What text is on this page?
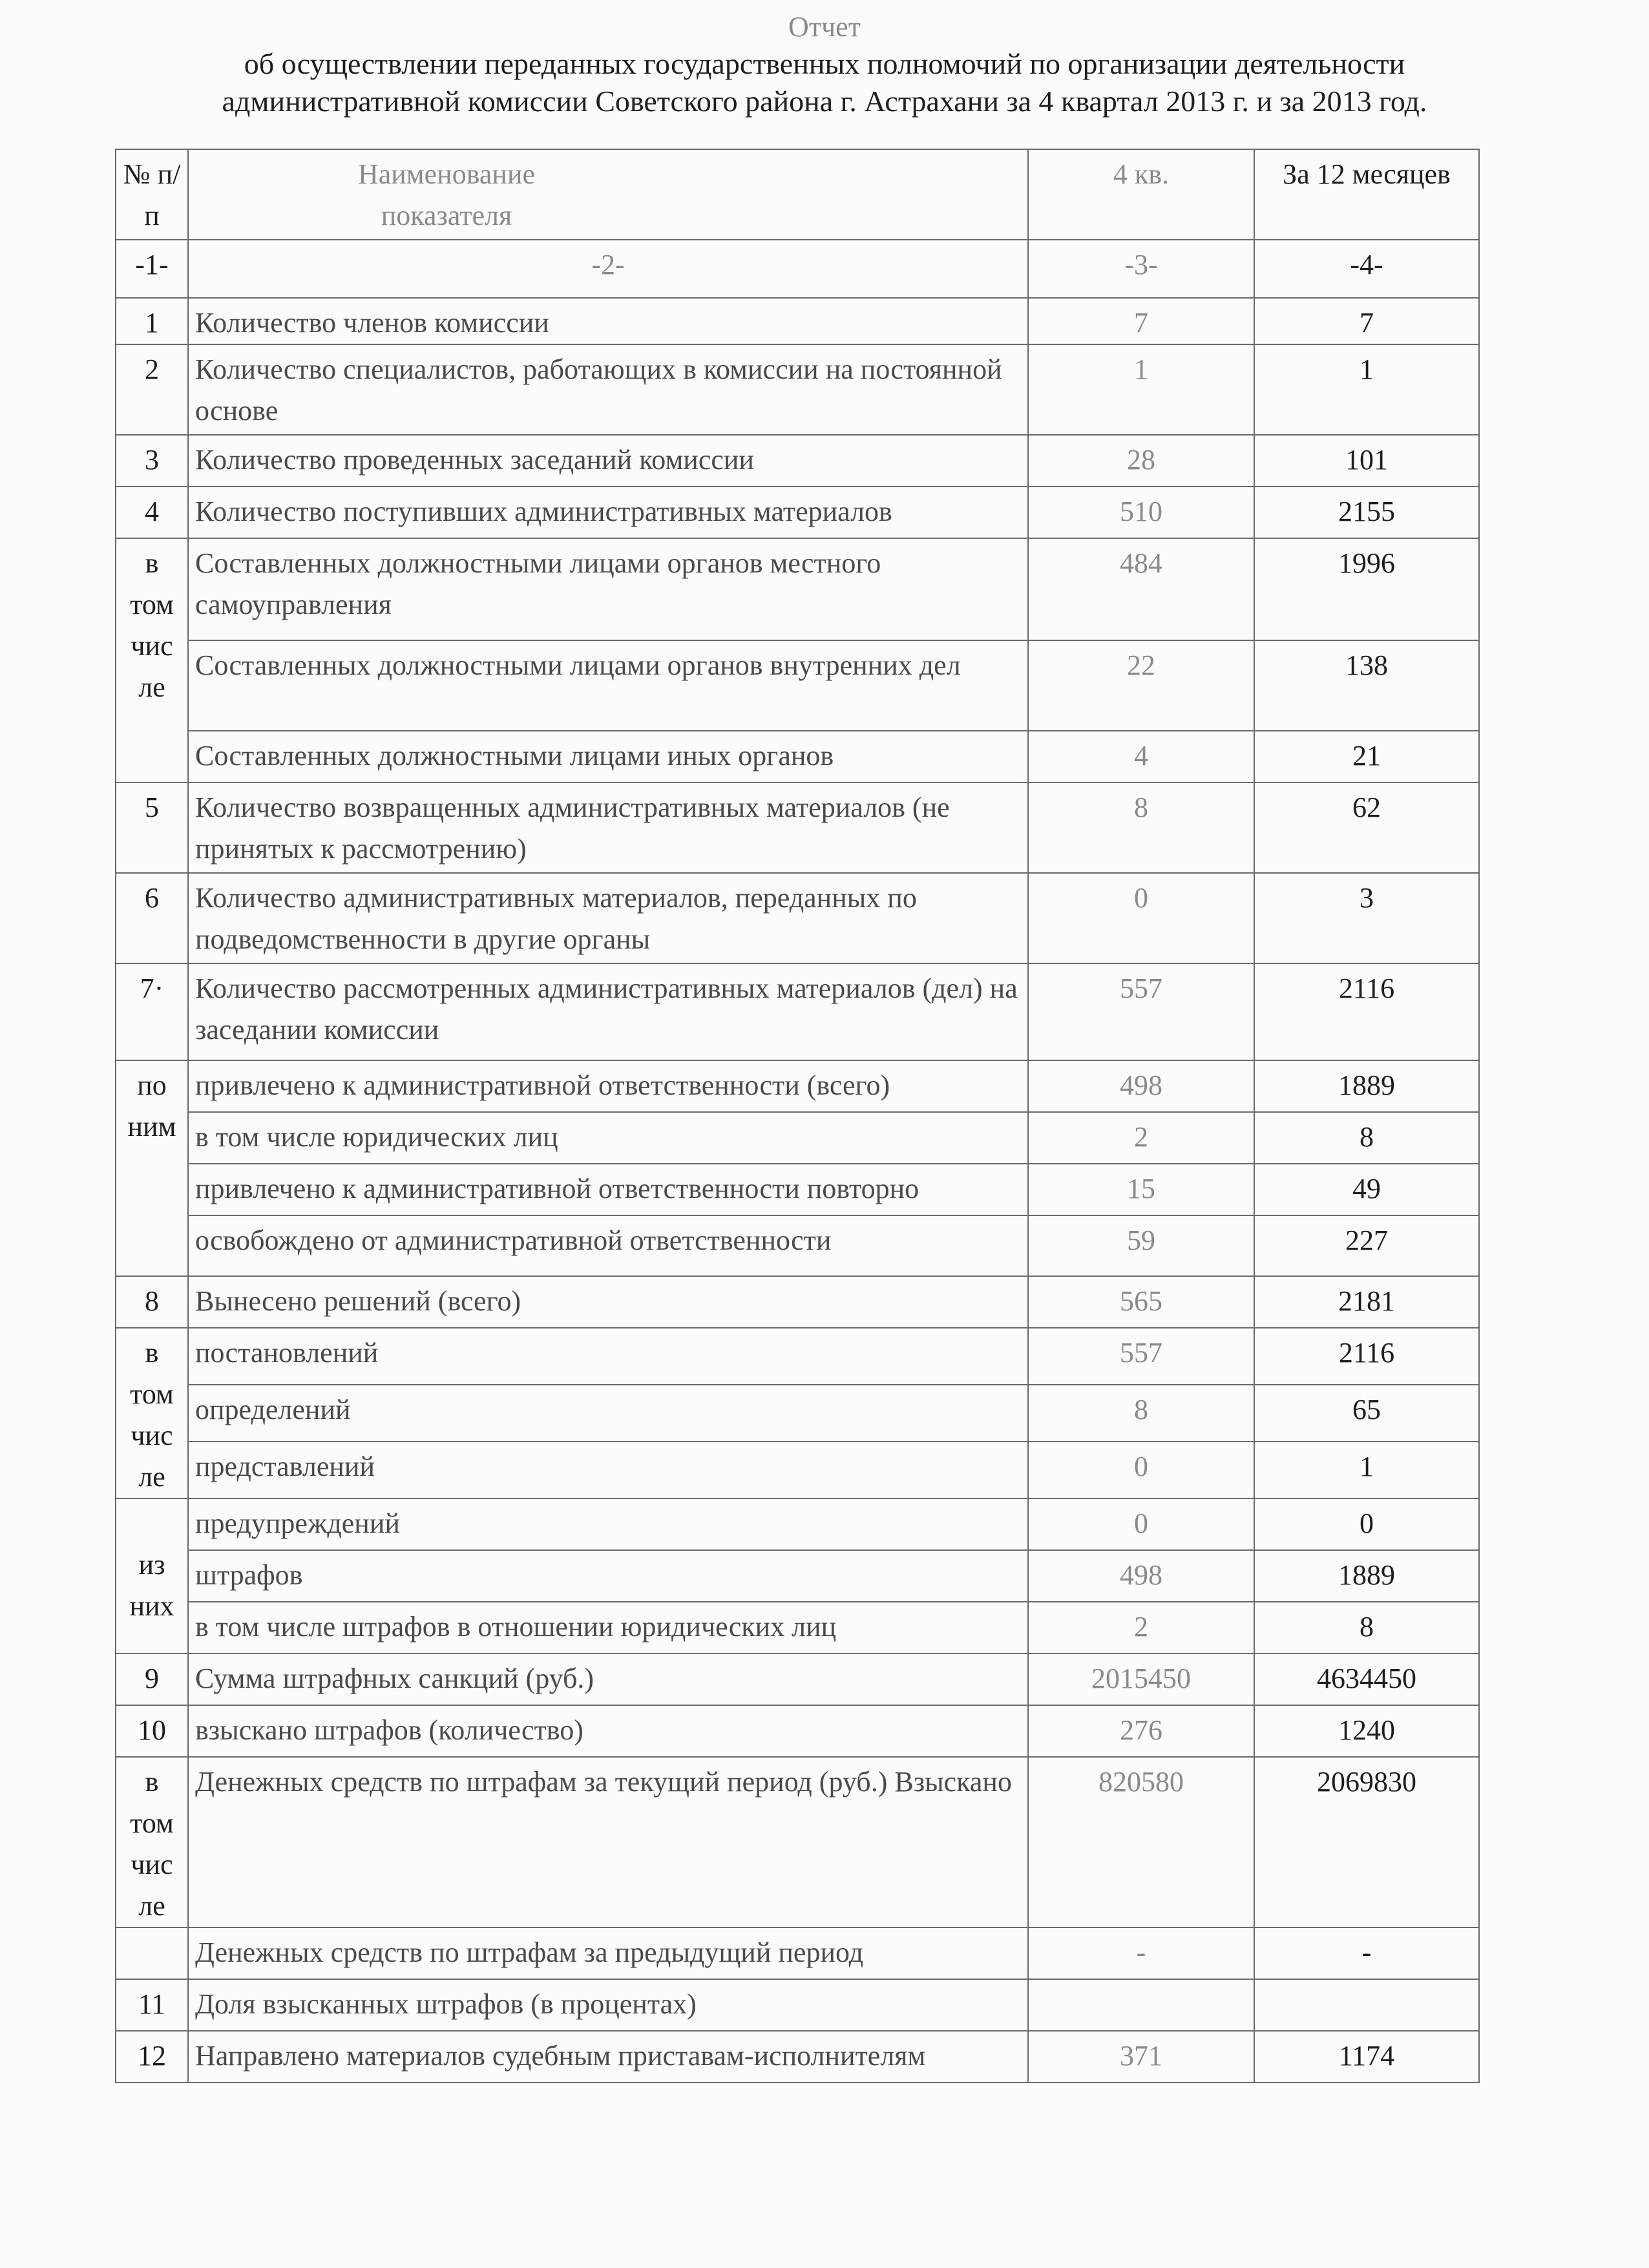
Отчет
об осуществлении переданных государственных полномочий по организации деятельности
административной комиссии Советского района г. Астрахани за 4 квартал 2013 г. и за 2013 год.
№ п/п	Наименование показателя	4 кв.	За 12 месяцев
-1-	-2-	-3-	-4-
1	Количество членов комиссии	7	7
2	Количество специалистов, работающих в комиссии на постоянной основе	1	1
3	Количество проведенных заседаний комиссии	28	101
4	Количество поступивших административных материалов	510	2155
в том чис ле	Составленных должностными лицами органов местного самоуправления	484	1996
	Составленных должностными лицами органов внутренних дел	22	138
	Составленных должностными лицами иных органов	4	21
5	Количество возвращенных административных материалов (не принятых к рассмотрению)	8	62
6	Количество административных материалов, переданных по подведомственности в другие органы	0	3
7·	Количество рассмотренных административных материалов (дел) на заседании комиссии	557	2116
по ним	привлечено к административной ответственности (всего)	498	1889
	в том числе юридических лиц	2	8
	привлечено к административной ответственности повторно	15	49
	освобождено от административной ответственности	59	227
8	Вынесено решений (всего)	565	2181
в том чис ле	постановлений	557	2116
	определений	8	65
	представлений	0	1
из них	предупреждений	0	0
	штрафов	498	1889
	в том числе штрафов в отношении юридических лиц	2	8
9	Сумма штрафных санкций (руб.)	2015450	4634450
10	взыскано штрафов (количество)	276	1240
в том чис ле	Денежных средств по штрафам за текущий период (руб.) Взыскано	820580	2069830
	Денежных средств по штрафам за предыдущий период	-	-
11	Доля взысканных штрафов (в процентах)		
12	Направлено материалов судебным приставам-исполнителям	371	1174
